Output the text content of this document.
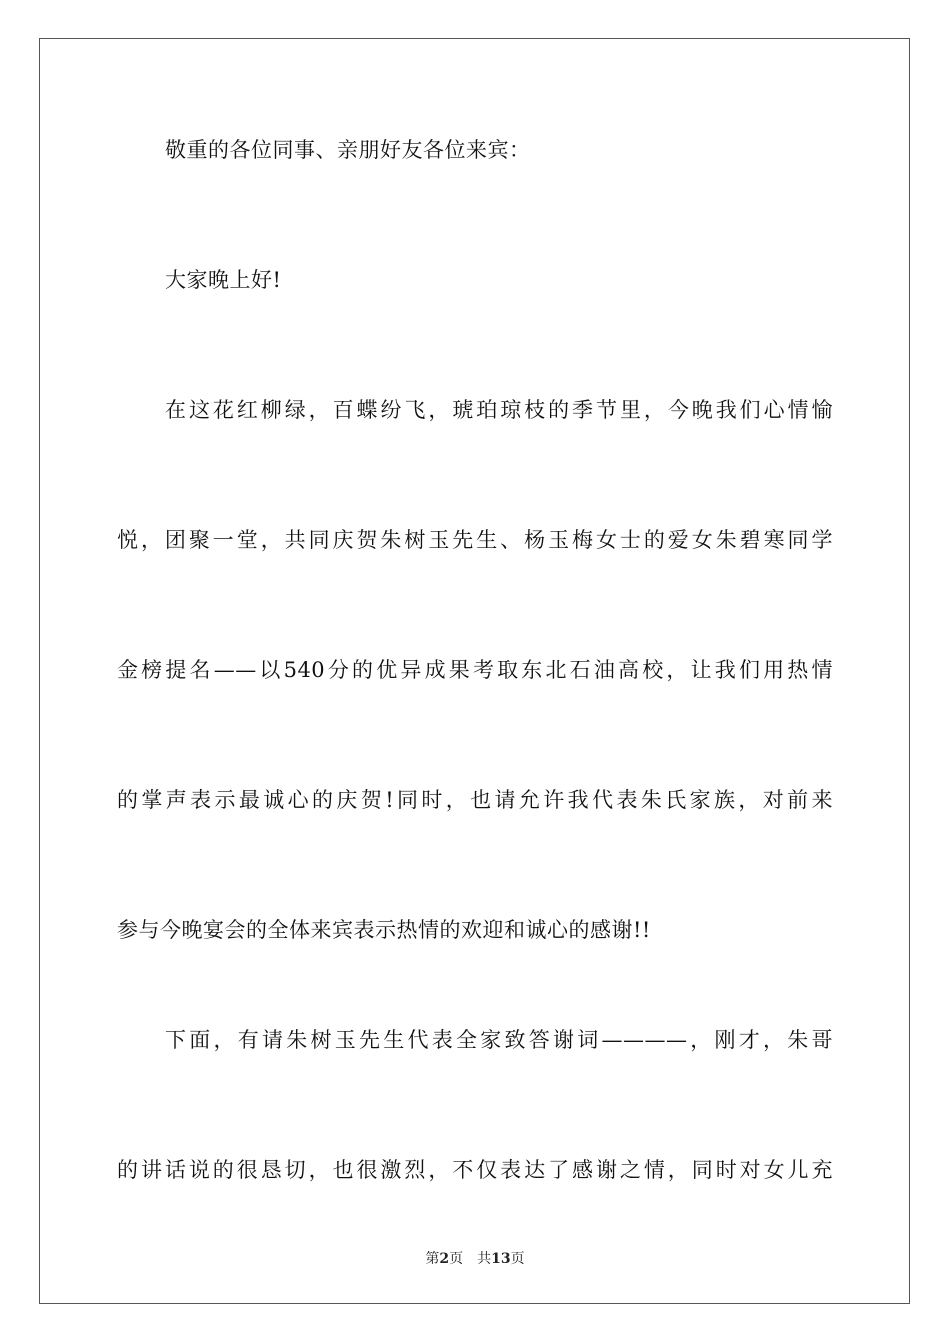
敬重的各位同事、亲朋好友各位来宾：
大家晚上好!
在这花红柳绿，百蝶纷飞，琥珀琼枝的季节里，今晚我们心情愉
悦，团聚一堂，共同庆贺朱树玉先生、杨玉梅女士的爱女朱碧寒同学
金榜提名——以540分的优异成果考取东北石油高校，让我们用热情
的掌声表示最诚心的庆贺!同时，也请允许我代表朱氏家族，对前来
参与今晚宴会的全体来宾表示热情的欢迎和诚心的感谢!!
下面，有请朱树玉先生代表全家致答谢词————，刚才，朱哥
的讲话说的很恳切，也很激烈，不仅表达了感谢之情，同时对女儿充
第2页 共13页
